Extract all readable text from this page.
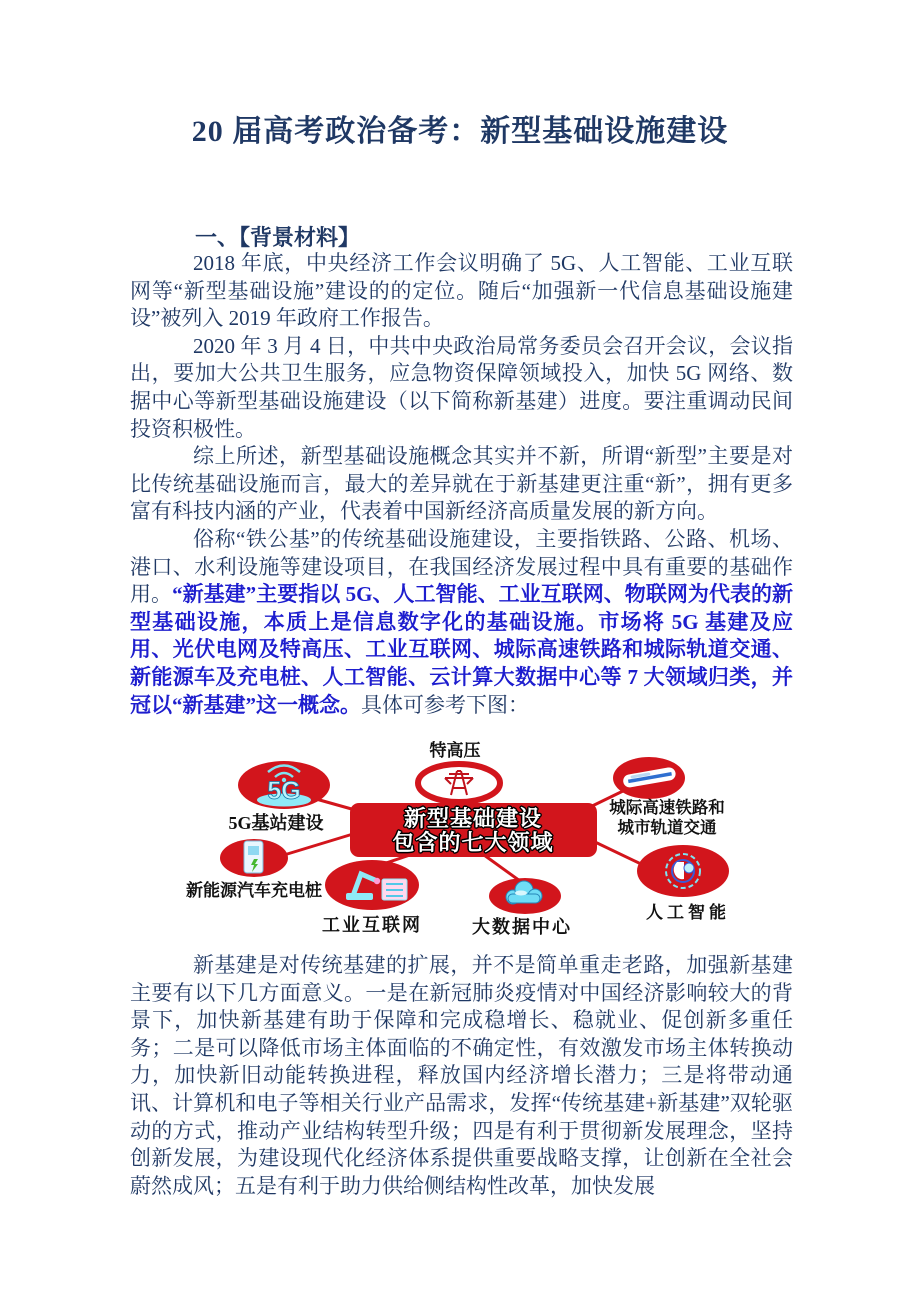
20 届高考政治备考：新型基础设施建设
一、【背景材料】

2018 年底，中央经济工作会议明确了 5G、人工智能、工业互联网等“新型基础设施”建设的的定位。随后“加强新一代信息基础设施建设”被列入 2019 年政府工作报告。

2020 年 3 月 4 日，中共中央政治局常务委员会召开会议，会议指出，要加大公共卫生服务，应急物资保障领域投入，加快 5G 网络、数据中心等新型基础设施建设（以下简称新基建）进度。要注重调动民间投资积极性。

综上所述，新型基础设施概念其实并不新，所谓“新型”主要是对比传统基础设施而言，最大的差异就在于新基建更注重“新”，拥有更多富有科技内涵的产业，代表着中国新经济高质量发展的新方向。

俗称“铁公基”的传统基础设施建设，主要指铁路、公路、机场、港口、水利设施等建设项目，在我国经济发展过程中具有重要的基础作用。“新基建”主要指以 5G、人工智能、工业互联网、物联网为代表的新型基础设施，本质上是信息数字化的基础设施。市场将 5G 基建及应用、光伏电网及特高压、工业互联网、城际高速铁路和城际轨道交通、新能源车及充电桩、人工智能、云计算大数据中心等 7 大领域归类，并冠以“新基建”这一概念。具体可参考下图：

5G
特高压
5G基站建设
城际高速铁路和
城市轨道交通
新能源汽车充电桩
工业互联网	大数据中心
人工智能
新型基础建设
包含的七大领域

新基建是对传统基建的扩展，并不是简单重走老路，加强新基建主要有以下几方面意义。一是在新冠肺炎疫情对中国经济影响较大的背景下，加快新基建有助于保障和完成稳增长、稳就业、促创新多重任务；二是可以降低市场主体面临的不确定性，有效激发市场主体转换动力，加快新旧动能转换进程，释放国内经济增长潜力；三是将带动通讯、计算机和电子等相关行业产品需求，发挥“传统基建+新基建”双轮驱动的方式，推动产业结构转型升级；四是有利于贯彻新发展理念，坚持创新发展，为建设现代化经济体系提供重要战略支撑，让创新在全社会蔚然成风；五是有利于助力供给侧结构性改革，加快发展
